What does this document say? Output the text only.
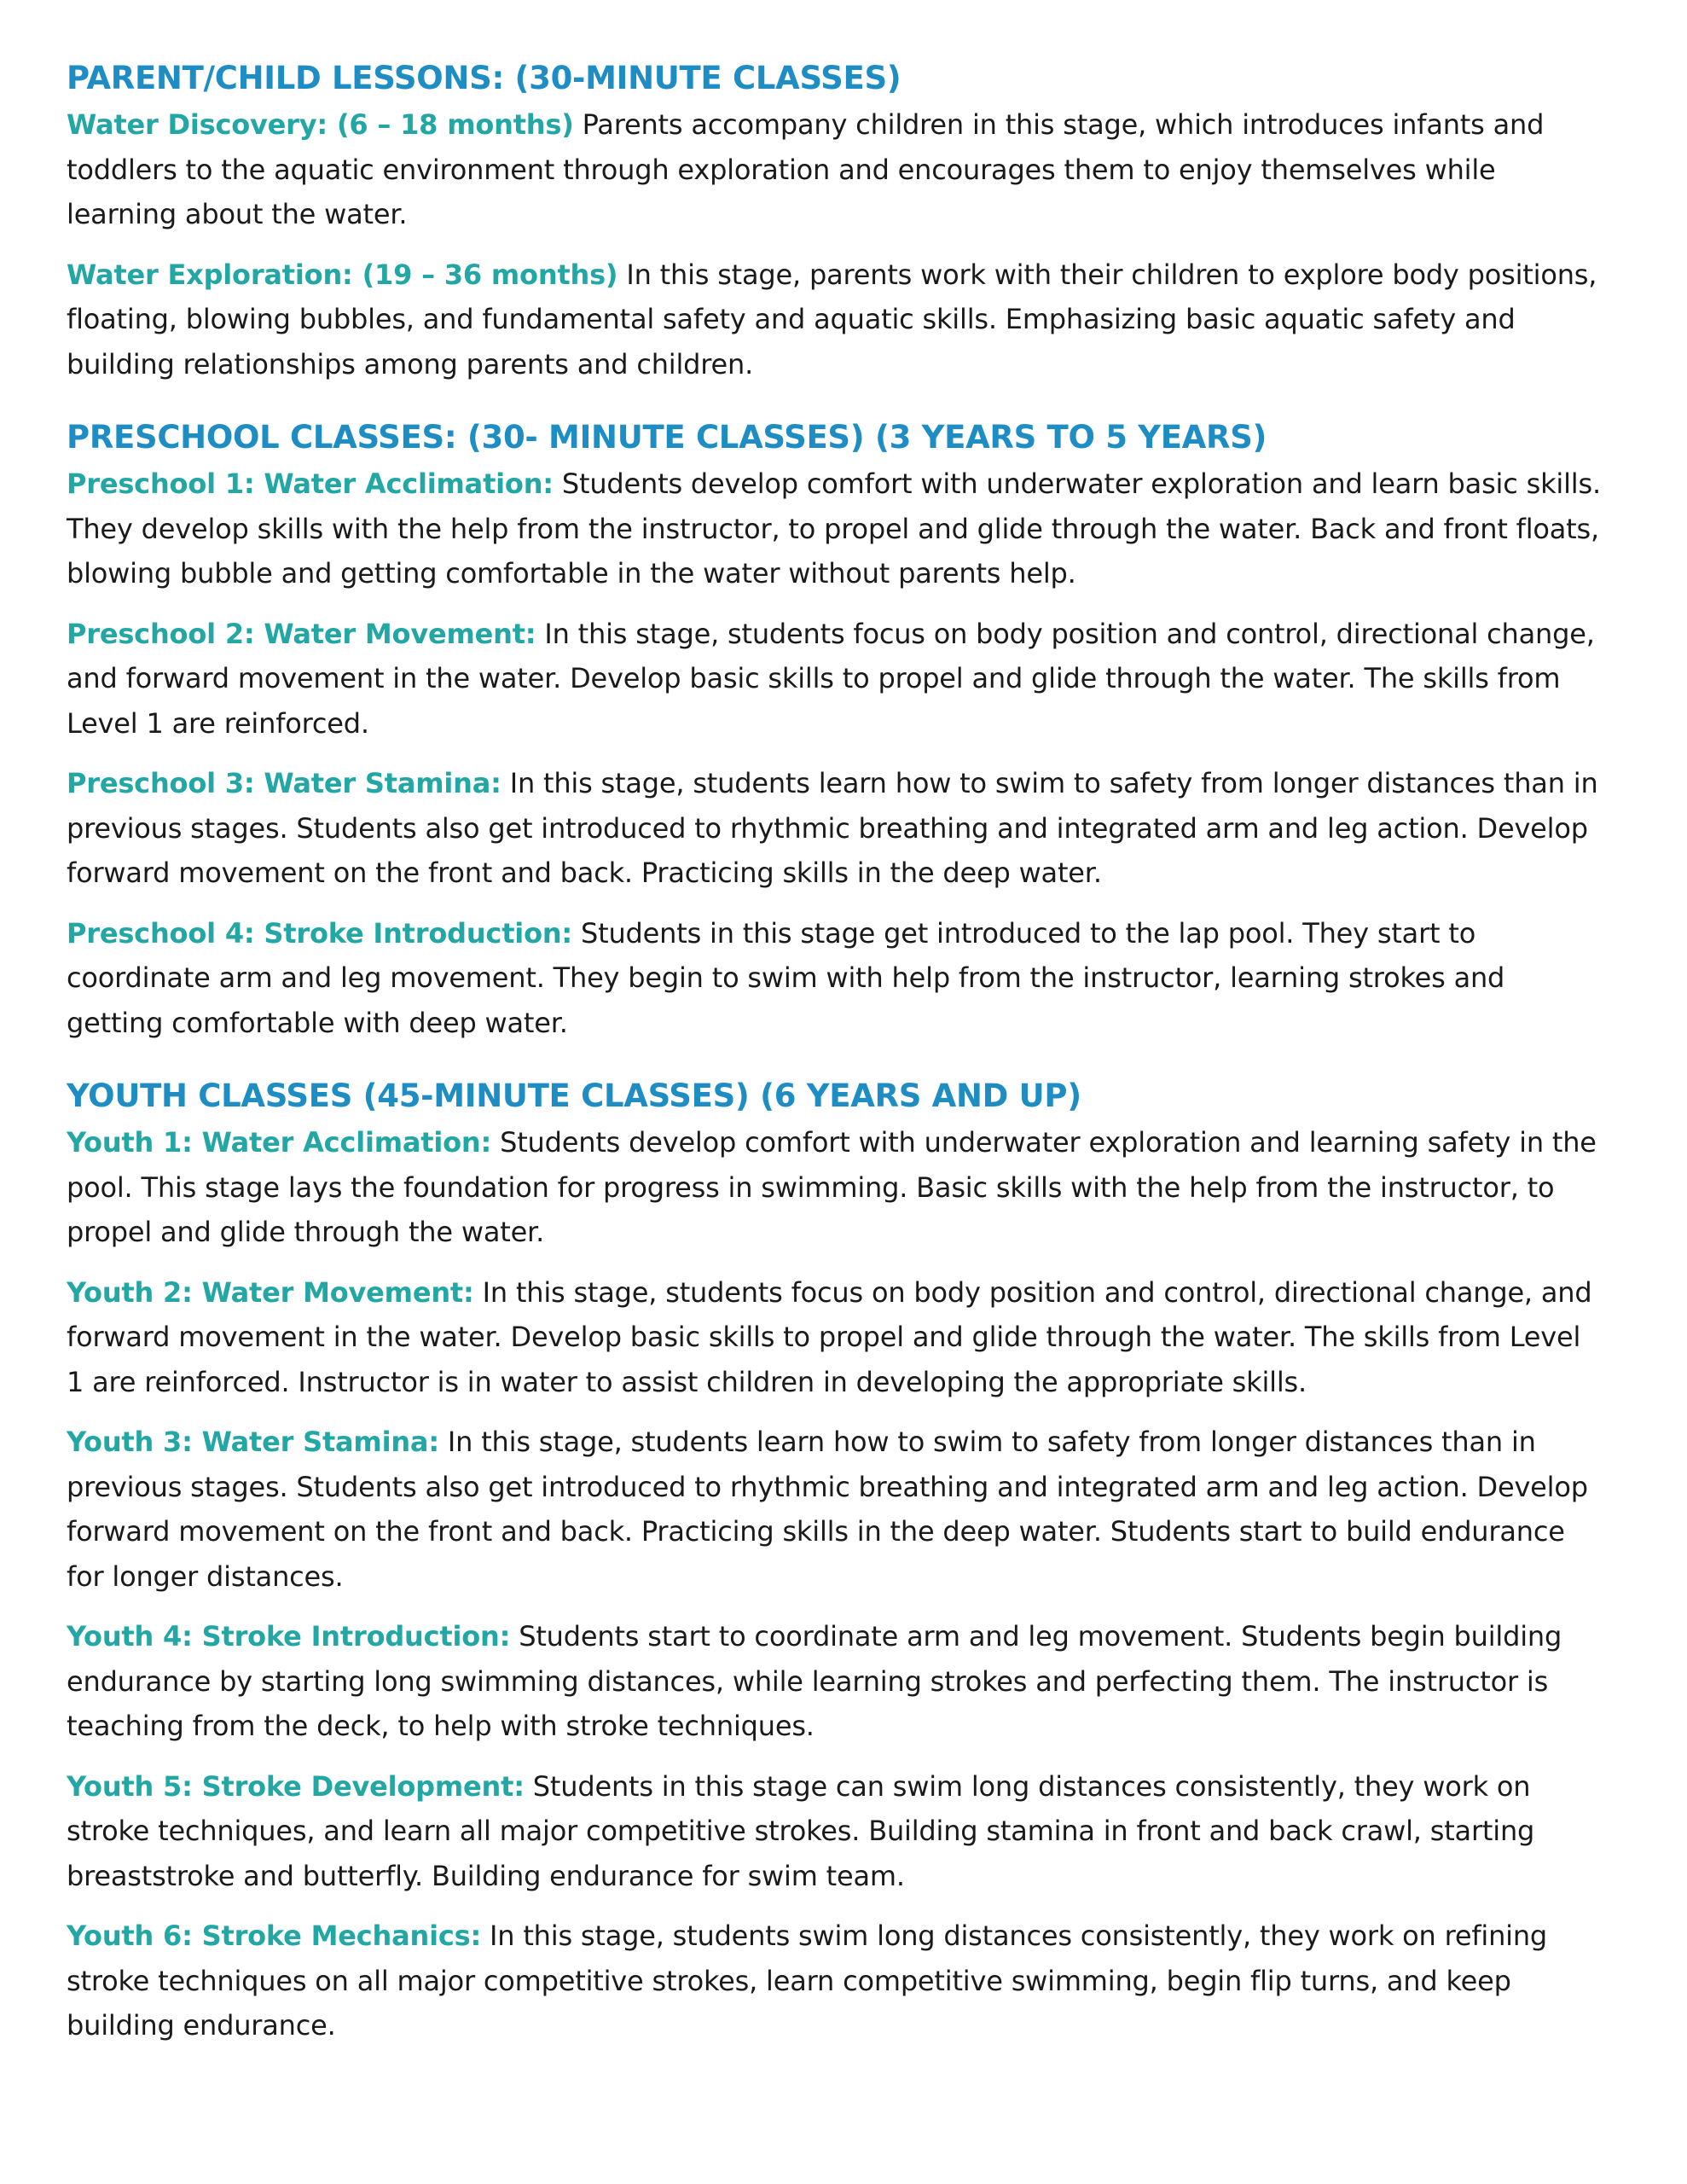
PARENT/CHILD LESSONS: (30-MINUTE CLASSES)

Water Discovery: (6 – 18 months) Parents accompany children in this stage, which introduces infants and toddlers to the aquatic environment through exploration and encourages them to enjoy themselves while learning about the water.

Water Exploration: (19 – 36 months) In this stage, parents work with their children to explore body positions, floating, blowing bubbles, and fundamental safety and aquatic skills. Emphasizing basic aquatic safety and building relationships among parents and children.

PRESCHOOL CLASSES: (30- MINUTE CLASSES) (3 YEARS TO 5 YEARS)

Preschool 1: Water Acclimation: Students develop comfort with underwater exploration and learn basic skills. They develop skills with the help from the instructor, to propel and glide through the water. Back and front floats, blowing bubble and getting comfortable in the water without parents help.

Preschool 2: Water Movement: In this stage, students focus on body position and control, directional change, and forward movement in the water. Develop basic skills to propel and glide through the water. The skills from Level 1 are reinforced.

Preschool 3: Water Stamina: In this stage, students learn how to swim to safety from longer distances than in previous stages. Students also get introduced to rhythmic breathing and integrated arm and leg action. Develop forward movement on the front and back. Practicing skills in the deep water.

Preschool 4: Stroke Introduction: Students in this stage get introduced to the lap pool. They start to coordinate arm and leg movement. They begin to swim with help from the instructor, learning strokes and getting comfortable with deep water.

YOUTH CLASSES (45-MINUTE CLASSES) (6 YEARS AND UP)

Youth 1: Water Acclimation: Students develop comfort with underwater exploration and learning safety in the pool. This stage lays the foundation for progress in swimming. Basic skills with the help from the instructor, to propel and glide through the water.

Youth 2: Water Movement: In this stage, students focus on body position and control, directional change, and forward movement in the water. Develop basic skills to propel and glide through the water. The skills from Level 1 are reinforced. Instructor is in water to assist children in developing the appropriate skills.

Youth 3: Water Stamina: In this stage, students learn how to swim to safety from longer distances than in previous stages. Students also get introduced to rhythmic breathing and integrated arm and leg action. Develop forward movement on the front and back. Practicing skills in the deep water. Students start to build endurance for longer distances.

Youth 4: Stroke Introduction: Students start to coordinate arm and leg movement. Students begin building endurance by starting long swimming distances, while learning strokes and perfecting them. The instructor is teaching from the deck, to help with stroke techniques.

Youth 5: Stroke Development: Students in this stage can swim long distances consistently, they work on stroke techniques, and learn all major competitive strokes. Building stamina in front and back crawl, starting breaststroke and butterfly. Building endurance for swim team.

Youth 6: Stroke Mechanics: In this stage, students swim long distances consistently, they work on refining stroke techniques on all major competitive strokes, learn competitive swimming, begin flip turns, and keep building endurance.
